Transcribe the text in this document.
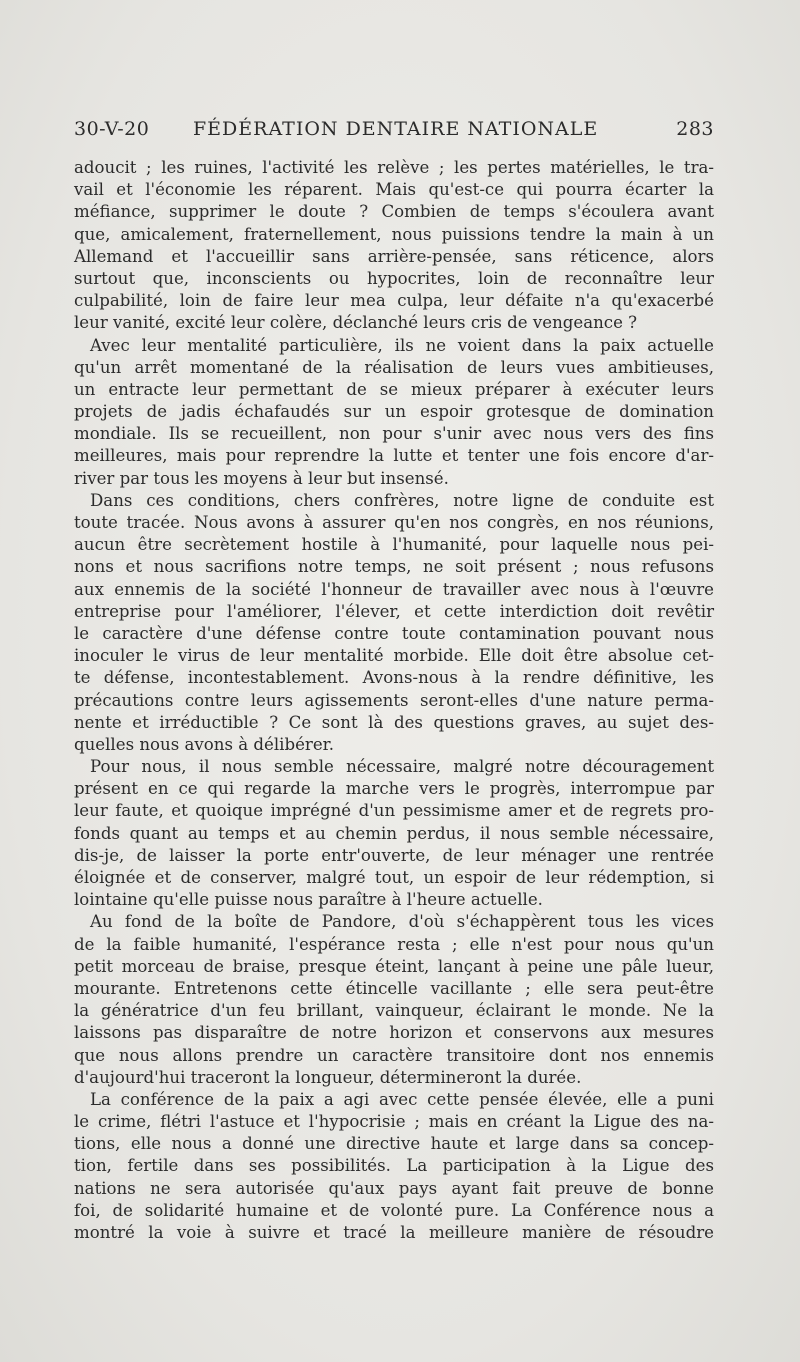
30-V-20 FÉDÉRATION DENTAIRE NATIONALE	283
adoucit ; les ruines, l'activité les relève ; les pertes matérielles, le tra-
vail et l'économie les réparent. Mais qu'est-ce qui pourra écarter la
méfiance, supprimer le doute ? Combien de temps s'écoulera avant
que, amicalement, fraternellement, nous puissions tendre la main à un
Allemand et l'accueillir sans arrière-pensée, sans réticence, alors
surtout que, inconscients ou hypocrites, loin de reconnaître leur
culpabilité, loin de faire leur mea culpa, leur défaite n'a qu'exacerbé
leur vanité, excité leur colère, déclanché leurs cris de vengeance ?
Avec leur mentalité particulière, ils ne voient dans la paix actuelle
qu'un arrêt momentané de la réalisation de leurs vues ambitieuses,
un entracte leur permettant de se mieux préparer à exécuter leurs
projets de jadis échafaudés sur un espoir grotesque de domination
mondiale. Ils se recueillent, non pour s'unir avec nous vers des fins
meilleures, mais pour reprendre la lutte et tenter une fois encore d'ar-
river par tous les moyens à leur but insensé.
Dans ces conditions, chers confrères, notre ligne de conduite est
toute tracée. Nous avons à assurer qu'en nos congrès, en nos réunions,
aucun être secrètement hostile à l'humanité, pour laquelle nous pei-
nons et nous sacrifions notre temps, ne soit présent ; nous refusons
aux ennemis de la société l'honneur de travailler avec nous à l'œuvre
entreprise pour l'améliorer, l'élever, et cette interdiction doit revêtir
le caractère d'une défense contre toute contamination pouvant nous
inoculer le virus de leur mentalité morbide. Elle doit être absolue cet-
te défense, incontestablement. Avons-nous à la rendre définitive, les
précautions contre leurs agissements seront-elles d'une nature perma-
nente et irréductible ? Ce sont là des questions graves, au sujet des-
quelles nous avons à délibérer.
Pour nous, il nous semble nécessaire, malgré notre découragement
présent en ce qui regarde la marche vers le progrès, interrompue par
leur faute, et quoique imprégné d'un pessimisme amer et de regrets pro-
fonds quant au temps et au chemin perdus, il nous semble nécessaire,
dis-je, de laisser la porte entr'ouverte, de leur ménager une rentrée
éloignée et de conserver, malgré tout, un espoir de leur rédemption, si
lointaine qu'elle puisse nous paraître à l'heure actuelle.
Au fond de la boîte de Pandore, d'où s'échappèrent tous les vices
de la faible humanité, l'espérance resta ; elle n'est pour nous qu'un
petit morceau de braise, presque éteint, lançant à peine une pâle lueur,
mourante. Entretenons cette étincelle vacillante ; elle sera peut-être
la génératrice d'un feu brillant, vainqueur, éclairant le monde. Ne la
laissons pas disparaître de notre horizon et conservons aux mesures
que nous allons prendre un caractère transitoire dont nos ennemis
d'aujourd'hui traceront la longueur, détermineront la durée.
La conférence de la paix a agi avec cette pensée élevée, elle a puni
le crime, flétri l'astuce et l'hypocrisie ; mais en créant la Ligue des na-
tions, elle nous a donné une directive haute et large dans sa concep-
tion, fertile dans ses possibilités. La participation à la Ligue des
nations ne sera autorisée qu'aux pays ayant fait preuve de bonne
foi, de solidarité humaine et de volonté pure. La Conférence nous a
montré la voie à suivre et tracé la meilleure manière de résoudre
